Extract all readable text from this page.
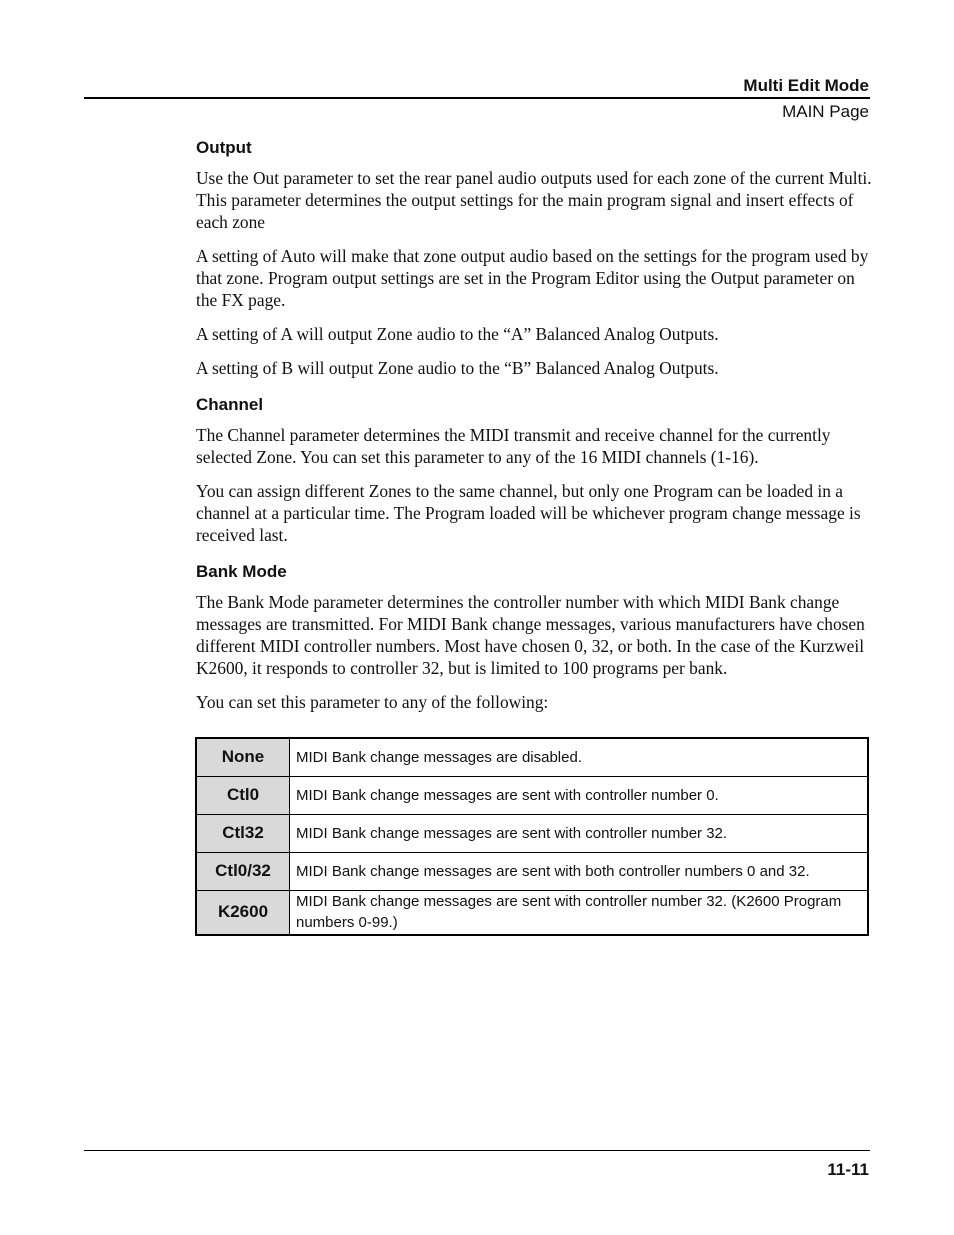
Multi Edit Mode
MAIN Page
Output

Use the Out parameter to set the rear panel audio outputs used for each zone of the current Multi. This parameter determines the output settings for the main program signal and insert effects of each zone

A setting of Auto will make that zone output audio based on the settings for the program used by that zone. Program output settings are set in the Program Editor using the Output parameter on the FX page.

A setting of A will output Zone audio to the “A” Balanced Analog Outputs.

A setting of B will output Zone audio to the “B” Balanced Analog Outputs.

Channel

The Channel parameter determines the MIDI transmit and receive channel for the currently selected Zone. You can set this parameter to any of the 16 MIDI channels (1-16).

You can assign different Zones to the same channel, but only one Program can be loaded in a channel at a particular time. The Program loaded will be whichever program change message is received last.

Bank Mode

The Bank Mode parameter determines the controller number with which MIDI Bank change messages are transmitted. For MIDI Bank change messages, various manufacturers have chosen different MIDI controller numbers. Most have chosen 0, 32, or both. In the case of the Kurzweil K2600, it responds to controller 32, but is limited to 100 programs per bank.

You can set this parameter to any of the following:

None	MIDI Bank change messages are disabled.
Ctl0	MIDI Bank change messages are sent with controller number 0.
Ctl32	MIDI Bank change messages are sent with controller number 32.
Ctl0/32	MIDI Bank change messages are sent with both controller numbers 0 and 32.
K2600	MIDI Bank change messages are sent with controller number 32. (K2600 Program numbers 0-99.)
11-11
